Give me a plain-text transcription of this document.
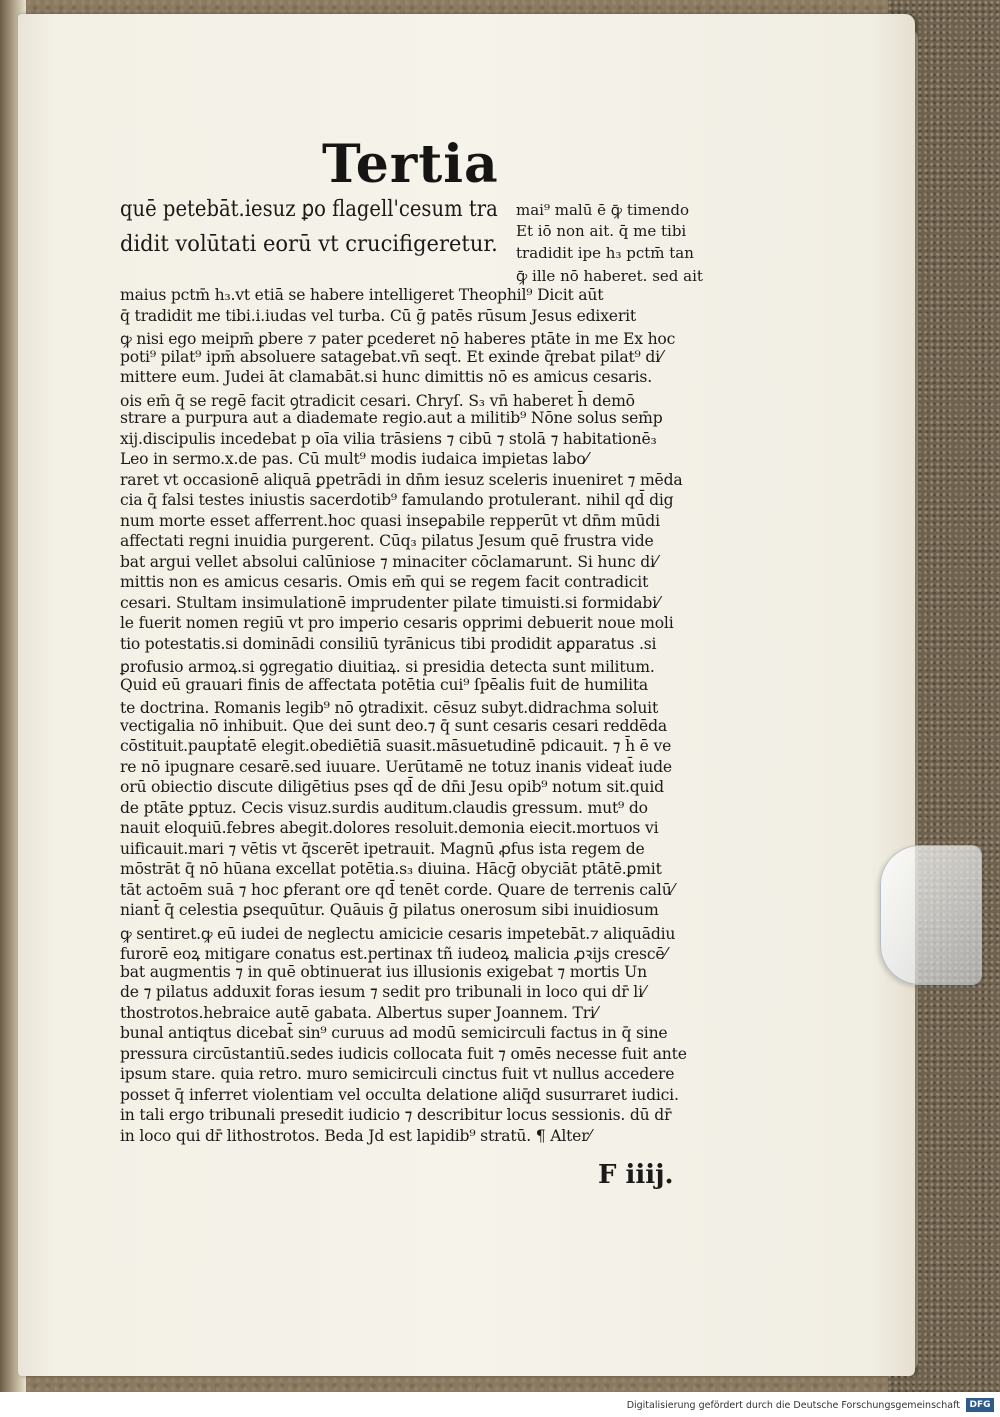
Tertia
quē petebāt.iesuz ꝑo flagell'cesum tra
didit volūtati eorū vt crucifigeretur.
mai⁹ malū ē ꝙ̄ timendo
Et iō non ait. q̄ me tibi
tradidit ipe h₃ pctm̄ tan
ꝙ̄ ille nō haberet. sed ait
maius pctm̄ h₃.vt etiā se habere intelligeret Theophil⁹ Dicit aūt
q̄ tradidit me tibi.i.iudas vel turba. Cū ḡ patēs rūsum Jesus edixerit
ꝙ nisi ego meipm̄ ꝑbere ⁊ pater ꝑcederet nō haberes ptāte in me Ex hoc
poti⁹ pilat⁹ ipm̄ absoluere satagebat.vn̄ seqt̄. Et exinde q̄rebat pilat⁹ di⁄
mittere eum. Judei āt clamabāt.si hunc dimittis nō es amicus cesaris.
ois em̄ q̄ se regē facit ꝯtradicit cesari. Chryſ. S₃ vn̄ haberet h̄ demō
strare a purpura aut a diademate regio.aut a militib⁹ Nōne solus sem̄p
xij.discipulis incedebat p oīa vilia trāsiens ⁊ cibū ⁊ stolā ⁊ habitationē₃
Leo in sermo.x.de pas. Cū mult⁹ modis iudaica impietas labo⁄
raret vt occasionē aliquā ꝑpetrādi in dn̄m iesuz sceleris inueniret ⁊ mēda
cia q̄ falsi testes iniustis sacerdotib⁹ famulando protulerant. nihil qd̄ dig
num morte esset afferrent.hoc quasi inseꝑabile repperūt vt dn̄m mūdi
affectati regni inuidia purgerent. Cūq₃ pilatus Jesum quē frustra vide
bat argui vellet absolui calūniose ⁊ minaciter cōclamarunt. Si hunc di⁄
mittis non es amicus cesaris. Omis em̄ qui se regem facit contradicit
cesari. Stultam insimulationē imprudenter pilate timuisti.si formidabi⁄
le fuerit nomen regiū vt pro imperio cesaris opprimi debuerit noue moli
tio potestatis.si dominādi consiliū tyrānicus tibi prodidit aꝑparatus .si
ꝑrofusio armoꝝ.si ꝯgregatio diuitiaꝝ. si presidia detecta sunt militum.
Quid eū grauari finis de affectata potētia cui⁹ ſpēalis fuit de humilita
te doctrina. Romanis legib⁹ nō ꝯtradixit. cēsuz subyt.didrachma soluit
vectigalia nō inhibuit. Que dei sunt deo.⁊ q̄ sunt cesaris cesari reddēda
cōstituit.paupṫatē elegit.obediētiā suasit.māsuetudinē pdicauit. ⁊ h̄ ē ve
re nō ipugnare cesarē.sed iuuare. Uerūtamē ne totuz inanis videat̄ iude
orū obiectio discute diligētius pses qd̄ de dn̄i Jesu opib⁹ notum sit.quid
de ptāte ꝑptuz. Cecis visuz.surdis auditum.claudis gressum. mut⁹ do
nauit eloquiū.febres abegit.dolores resoluit.demonia eiecit.mortuos vi
uificauit.mari ⁊ vētis vt q̄scerēt ipetrauit. Magnū ꝓfus ista regem de
mōstrāt q̄ nō hūana excellat potētia.s₃ diuina. Hācḡ obyciāt ptātē.ꝑmit
tāt actoēm suā ⁊ hoc ꝑferant ore qd̄ tenēt corde. Quare de terrenis calū⁄
niant̄ q̄ celestia ꝑsequūtur. Quāuis ḡ pilatus onerosum sibi inuidiosum
ꝙ sentiret.ꝙ eū iudei de neglectu amicicie cesaris impetebāt.⁊ aliquādiu
furorē eoꝝ mitigare conatus est.pertinax tñ iudeoꝝ malicia ꝓꝛijs crescē⁄
bat augmentis ⁊ in quē obtinuerat ius illusionis exigebat ⁊ mortis Un
de ⁊ pilatus adduxit foras iesum ⁊ sedit pro tribunali in loco qui dr̄ li⁄
thostrotos.hebraice autē gabata. Albertus super Joannem. Tri⁄
bunal antiqtus dicebat̄ sin⁹ curuus ad modū semicirculi factus in q̄ sine
pressura circūstantiū.sedes iudicis collocata fuit ⁊ omēs necesse fuit ante
ipsum stare. quia retro. muro semicirculi cinctus fuit vt nullus accedere
posset q̄ inferret violentiam vel occulta delatione aliq̄d susurraret iudici.
in tali ergo tribunali presedit iudicio ⁊ describitur locus sessionis. dū dr̄
in loco qui dr̄ lithostrotos. Beda Jd est lapidib⁹ stratū. ¶ Alter⁄
F iiij.
Digitalisierung gefördert durch die Deutsche Forschungsgemeinschaft	DFG
